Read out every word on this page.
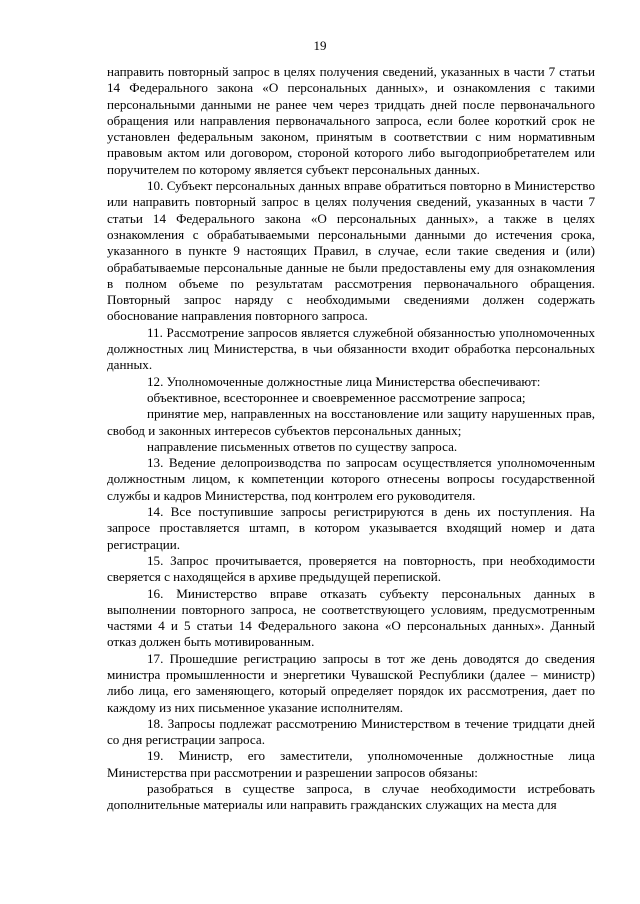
19

направить повторный запрос в целях получения сведений, указанных в части 7 статьи 14 Федерального закона «О персональных данных», и ознакомления с такими персональными данными не ранее чем через тридцать дней после первоначального обращения или направления первоначального запроса, если более короткий срок не установлен федеральным законом, принятым в соответствии с ним нормативным правовым актом или договором, стороной которого либо выгодоприобретателем или поручителем по которому является субъект персональных данных.

10. Субъект персональных данных вправе обратиться повторно в Министерство или направить повторный запрос в целях получения сведений, указанных в части 7 статьи 14 Федерального закона «О персональных данных», а также в целях ознакомления с обрабатываемыми персональными данными до истечения срока, указанного в пункте 9 настоящих Правил, в случае, если такие сведения и (или) обрабатываемые персональные данные не были предоставлены ему для ознакомления в полном объеме по результатам рассмотрения первоначального обращения. Повторный запрос наряду с необходимыми сведениями должен содержать обоснование направления повторного запроса.

11. Рассмотрение запросов является служебной обязанностью уполномоченных должностных лиц Министерства, в чьи обязанности входит обработка персональных данных.

12. Уполномоченные должностные лица Министерства обеспечивают:

объективное, всестороннее и своевременное рассмотрение запроса;

принятие мер, направленных на восстановление или защиту нарушенных прав, свобод и законных интересов субъектов персональных данных;

направление письменных ответов по существу запроса.

13. Ведение делопроизводства по запросам осуществляется уполномоченным должностным лицом, к компетенции которого отнесены вопросы государственной службы и кадров Министерства, под контролем его руководителя.

14. Все поступившие запросы регистрируются в день их поступления. На запросе проставляется штамп, в котором указывается входящий номер и дата регистрации.

15. Запрос прочитывается, проверяется на повторность, при необходимости сверяется с находящейся в архиве предыдущей перепиской.

16. Министерство вправе отказать субъекту персональных данных в выполнении повторного запроса, не соответствующего условиям, предусмотренным частями 4 и 5 статьи 14 Федерального закона «О персональных данных». Данный отказ должен быть мотивированным.

17. Прошедшие регистрацию запросы в тот же день доводятся до сведения министра промышленности и энергетики Чувашской Республики (далее – министр) либо лица, его заменяющего, который определяет порядок их рассмотрения, дает по каждому из них письменное указание исполнителям.

18. Запросы подлежат рассмотрению Министерством в течение тридцати дней со дня регистрации запроса.

19. Министр, его заместители, уполномоченные должностные лица Министерства при рассмотрении и разрешении запросов обязаны:

разобраться в существе запроса, в случае необходимости истребовать дополнительные материалы или направить гражданских служащих на места для
